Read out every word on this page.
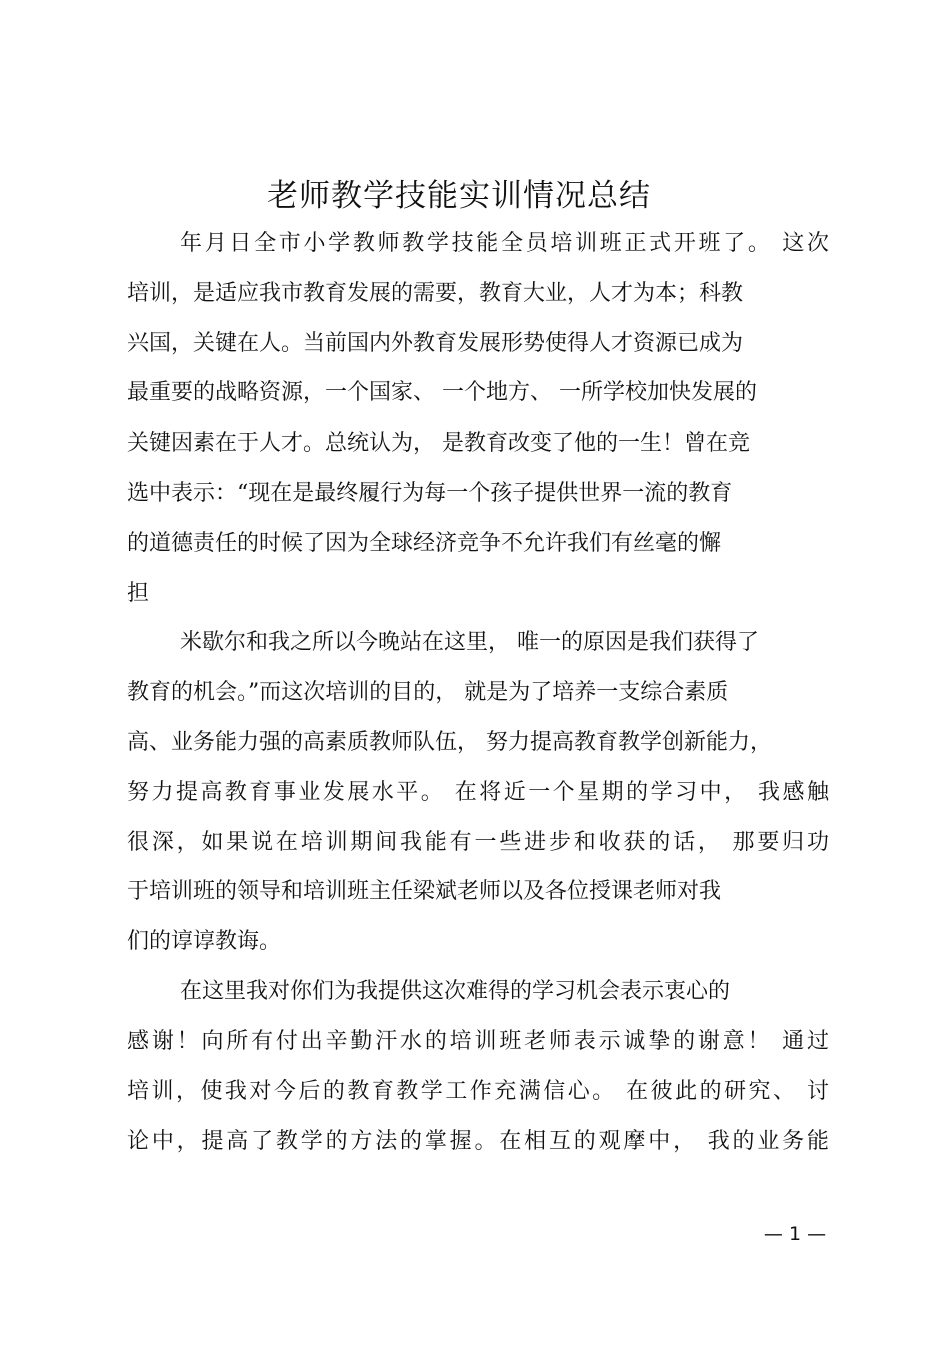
老师教学技能实训情况总结
年月日全市小学教师教学技能全员培训班正式开班了。 这次
培训，是适应我市教育发展的需要，教育大业，人才为本；科教
兴国，关键在人。当前国内外教育发展形势使得人才资源已成为
最重要的战略资源，一个国家、 一个地方、 一所学校加快发展的
关键因素在于人才。总统认为， 是教育改变了他的一生！曾在竞
选中表示：“现在是最终履行为每一个孩子提供世界一流的教育
的道德责任的时候了因为全球经济竞争不允许我们有丝毫的懈
担
米歇尔和我之所以今晚站在这里， 唯一的原因是我们获得了
教育的机会。”而这次培训的目的， 就是为了培养一支综合素质
高、业务能力强的高素质教师队伍， 努力提高教育教学创新能力，
努力提高教育事业发展水平。 在将近一个星期的学习中， 我感触
很深，如果说在培训期间我能有一些进步和收获的话， 那要归功
于培训班的领导和培训班主任梁斌老师以及各位授课老师对我
们的谆谆教诲。
在这里我对你们为我提供这次难得的学习机会表示衷心的
感谢！向所有付出辛勤汗水的培训班老师表示诚挚的谢意！ 通过
培训，使我对今后的教育教学工作充满信心。 在彼此的研究、 讨
论中，提高了教学的方法的掌握。在相互的观摩中， 我的业务能
— 1 —
